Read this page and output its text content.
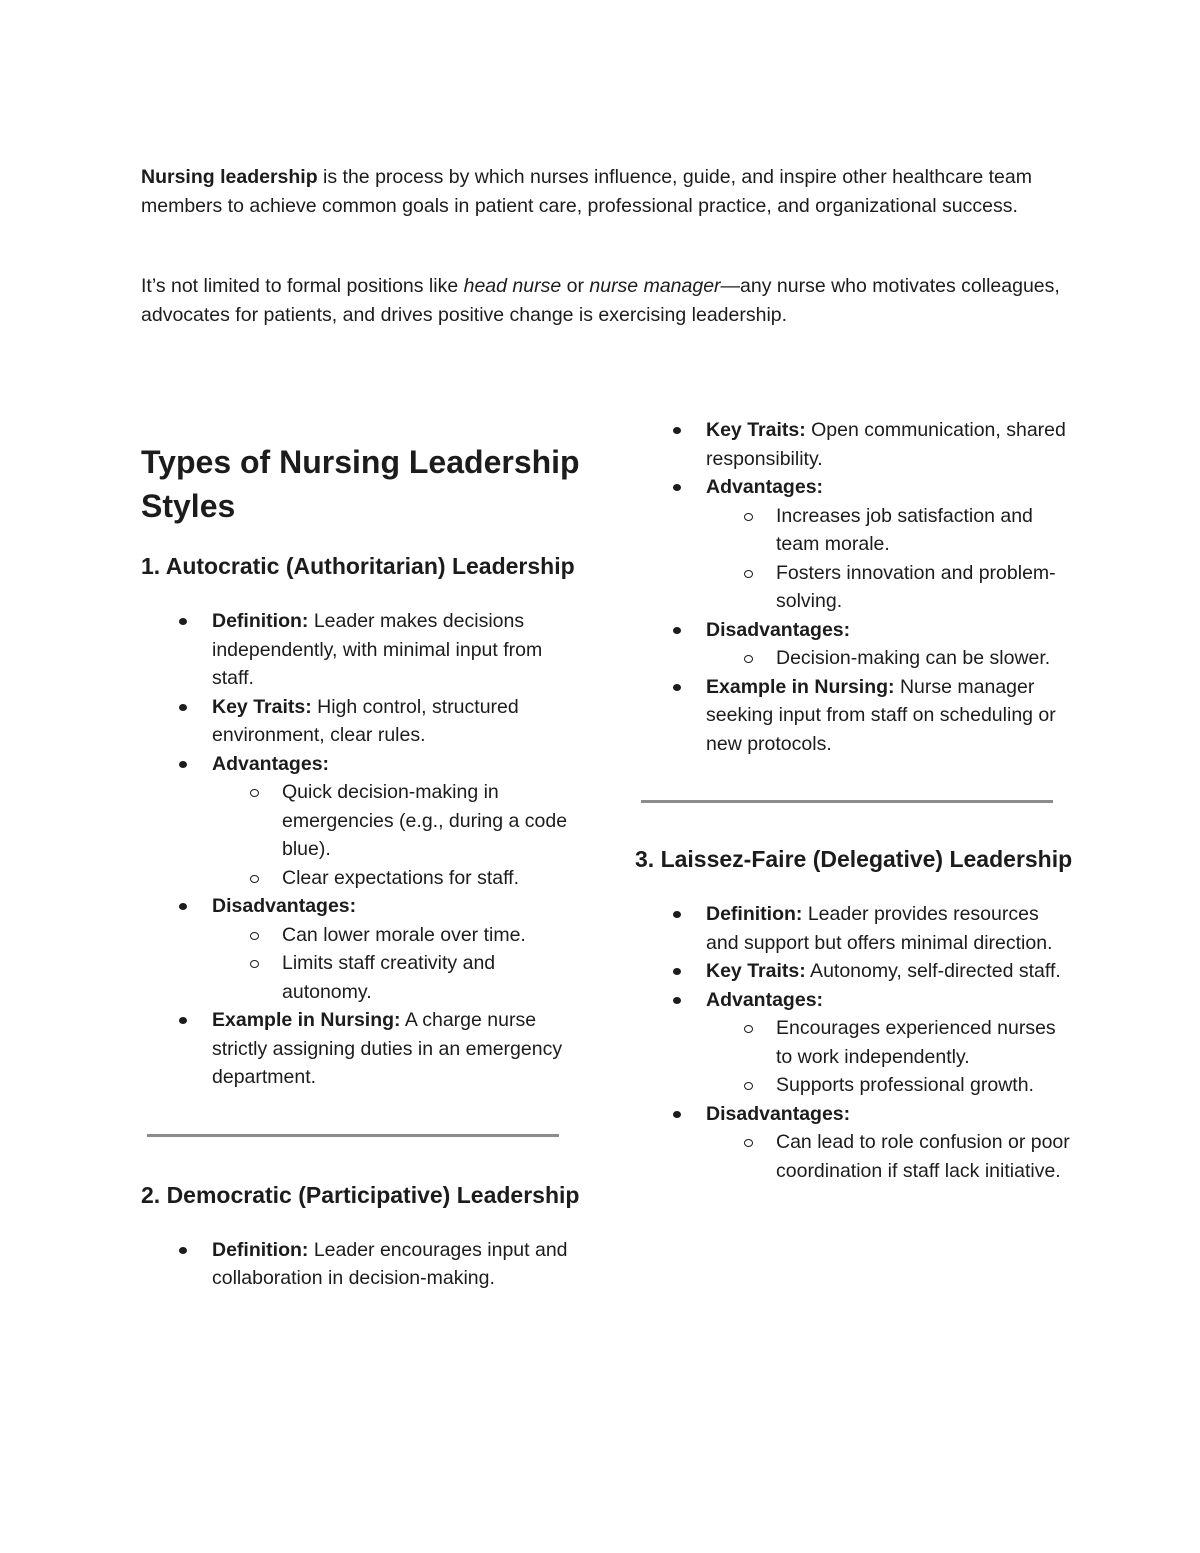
Nursing leadership is the process by which nurses influence, guide, and inspire other healthcare team members to achieve common goals in patient care, professional practice, and organizational success.

It’s not limited to formal positions like head nurse or nurse manager—any nurse who motivates colleagues, advocates for patients, and drives positive change is exercising leadership.

Types of Nursing Leadership Styles
1. Autocratic (Authoritarian) Leadership
Definition: Leader makes decisions independently, with minimal input from staff.
Key Traits: High control, structured environment, clear rules.
Advantages:
Quick decision-making in emergencies (e.g., during a code blue).
Clear expectations for staff.
Disadvantages:
Can lower morale over time.
Limits staff creativity and autonomy.
Example in Nursing: A charge nurse strictly assigning duties in an emergency department.
2. Democratic (Participative) Leadership
Definition: Leader encourages input and collaboration in decision-making.
Key Traits: Open communication, shared responsibility.
Advantages:
Increases job satisfaction and team morale.
Fosters innovation and problem-solving.
Disadvantages:
Decision-making can be slower.
Example in Nursing: Nurse manager seeking input from staff on scheduling or new protocols.
3. Laissez-Faire (Delegative) Leadership
Definition: Leader provides resources and support but offers minimal direction.
Key Traits: Autonomy, self-directed staff.
Advantages:
Encourages experienced nurses to work independently.
Supports professional growth.
Disadvantages:
Can lead to role confusion or poor coordination if staff lack initiative.
